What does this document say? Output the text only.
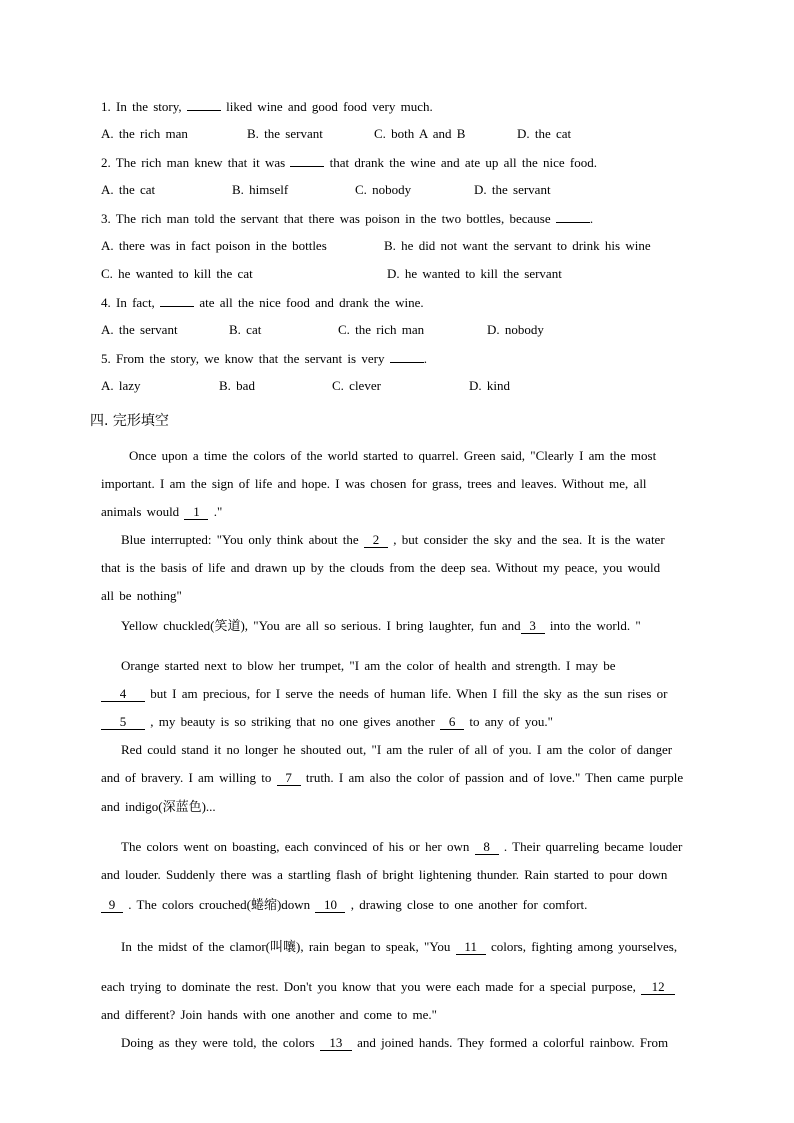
1. In the story,	liked wine and good food very much.
A. the rich man	B. the servant	C. both A and B	D. the cat
2. The rich man knew that it was	that drank the wine and ate up all the nice food.
A. the cat	B. himself	C. nobody	D. the servant
3. The rich man told the servant that there was poison in the two bottles, because	.
A. there was in fact poison in the bottles	B. he did not want the servant to drink his wine
C. he wanted to kill the cat	D. he wanted to kill the servant
4. In fact,	ate all the nice food and drank the wine.
A. the servant	B. cat	C. the rich man	D. nobody
5. From the story, we know that the servant is very	.
A. lazy	B. bad	C. clever	D. kind
四. 完形填空
Once upon a time the colors of the world started to quarrel. Green said, "Clearly I am the most
important. I am the sign of life and hope. I was chosen for grass, trees and leaves. Without me, all
animals would 1 ."
Blue interrupted: "You only think about the 2 , but consider the sky and the sea. It is the water
that is the basis of life and drawn up by the clouds from the deep sea. Without my peace, you would
all be nothing"
Yellow chuckled(笑道), "You are all so serious. I bring laughter, fun and 3 into the world. "
Orange started next to blow her trumpet, "I am the color of health and strength. I may be
4 but I am precious, for I serve the needs of human life. When I fill the sky as the sun rises or
5 , my beauty is so striking that no one gives another 6 to any of you."
Red could stand it no longer he shouted out, "I am the ruler of all of you. I am the color of danger
and of bravery. I am willing to 7 truth. I am also the color of passion and of love." Then came purple
and indigo(深蓝色)...
The colors went on boasting, each convinced of his or her own 8 . Their quarreling became louder
and louder. Suddenly there was a startling flash of bright lightening thunder. Rain started to pour down
9 . The colors crouched(蜷缩)down 10 , drawing close to one another for comfort.
In the midst of the clamor(叫嚷), rain began to speak, "You 11 colors, fighting among yourselves,
each trying to dominate the rest. Don't you know that you were each made for a special purpose, 12
and different? Join hands with one another and come to me."
Doing as they were told, the colors 13 and joined hands. They formed a colorful rainbow. From
